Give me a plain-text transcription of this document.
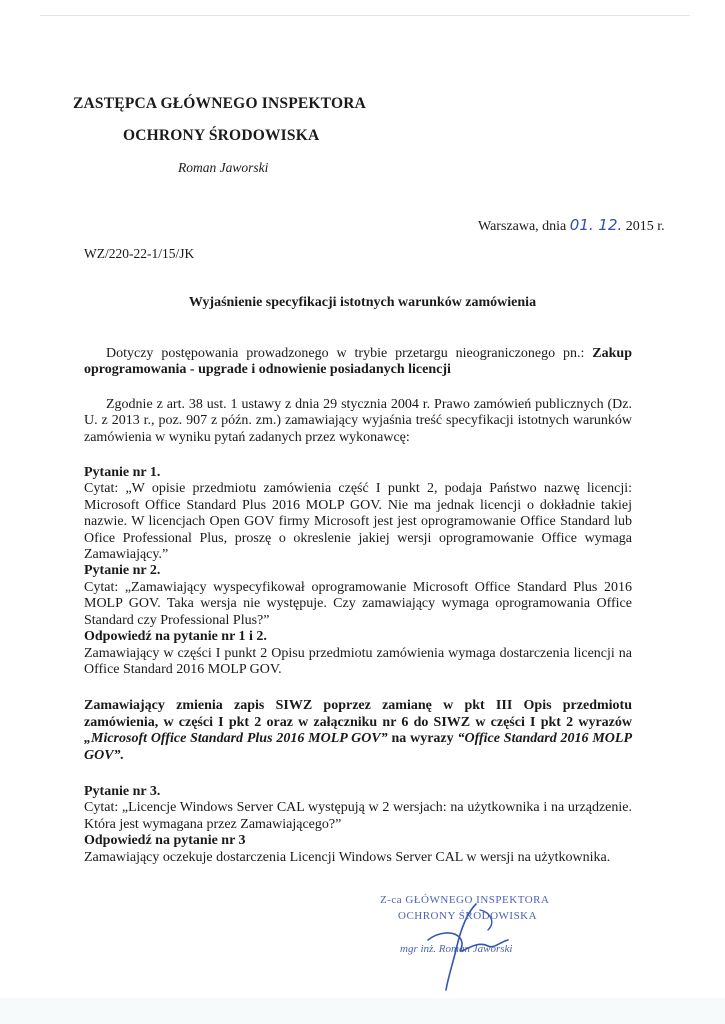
ZASTĘPCA GŁÓWNEGO INSPEKTORA
OCHRONY ŚRODOWISKA
Roman Jaworski
Warszawa, dnia 01. 12. 2015 r.
WZ/220-22-1/15/JK
Wyjaśnienie specyfikacji istotnych warunków zamówienia

Dotyczy postępowania prowadzonego w trybie przetargu nieograniczonego pn.: Zakup oprogramowania - upgrade i odnowienie posiadanych licencji

Zgodnie z art. 38 ust. 1 ustawy z dnia 29 stycznia 2004 r. Prawo zamówień publicznych (Dz. U. z 2013 r., poz. 907 z późn. zm.) zamawiający wyjaśnia treść specyfikacji istotnych warunków zamówienia w wyniku pytań zadanych przez wykonawcę:

Pytanie nr 1.

Cytat: „W opisie przedmiotu zamówienia część I punkt 2, podaja Państwo nazwę licencji: Microsoft Office Standard Plus 2016 MOLP GOV. Nie ma jednak licencji o dokładnie takiej nazwie. W licencjach Open GOV firmy Microsoft jest jest oprogramowanie Office Standard lub Ofice Professional Plus, proszę o okreslenie jakiej wersji oprogramowanie Office wymaga Zamawiający.”

Pytanie nr 2.

Cytat: „Zamawiający wyspecyfikował oprogramowanie Microsoft Office Standard Plus 2016 MOLP GOV. Taka wersja nie występuje. Czy zamawiający wymaga oprogramowania Office Standard czy Professional Plus?”

Odpowiedź na pytanie nr 1 i 2.

Zamawiający w części I punkt 2 Opisu przedmiotu zamówienia wymaga dostarczenia licencji na Office Standard 2016 MOLP GOV.

Zamawiający zmienia zapis SIWZ poprzez zamianę w pkt III Opis przedmiotu zamówienia, w części I pkt 2 oraz w załączniku nr 6 do SIWZ w części I pkt 2 wyrazów „Microsoft Office Standard Plus 2016 MOLP GOV” na wyrazy “Office Standard 2016 MOLP GOV”.

Pytanie nr 3.

Cytat: „Licencje Windows Server CAL występują w 2 wersjach: na użytkownika i na urządzenie. Która jest wymagana przez Zamawiającego?”

Odpowiedź na pytanie nr 3

Zamawiający oczekuje dostarczenia Licencji Windows Server CAL w wersji na użytkownika.

Z-ca GŁÓWNEGO INSPEKTORA
OCHRONY ŚRODOWISKA
mgr inż. Roman Jaworski
